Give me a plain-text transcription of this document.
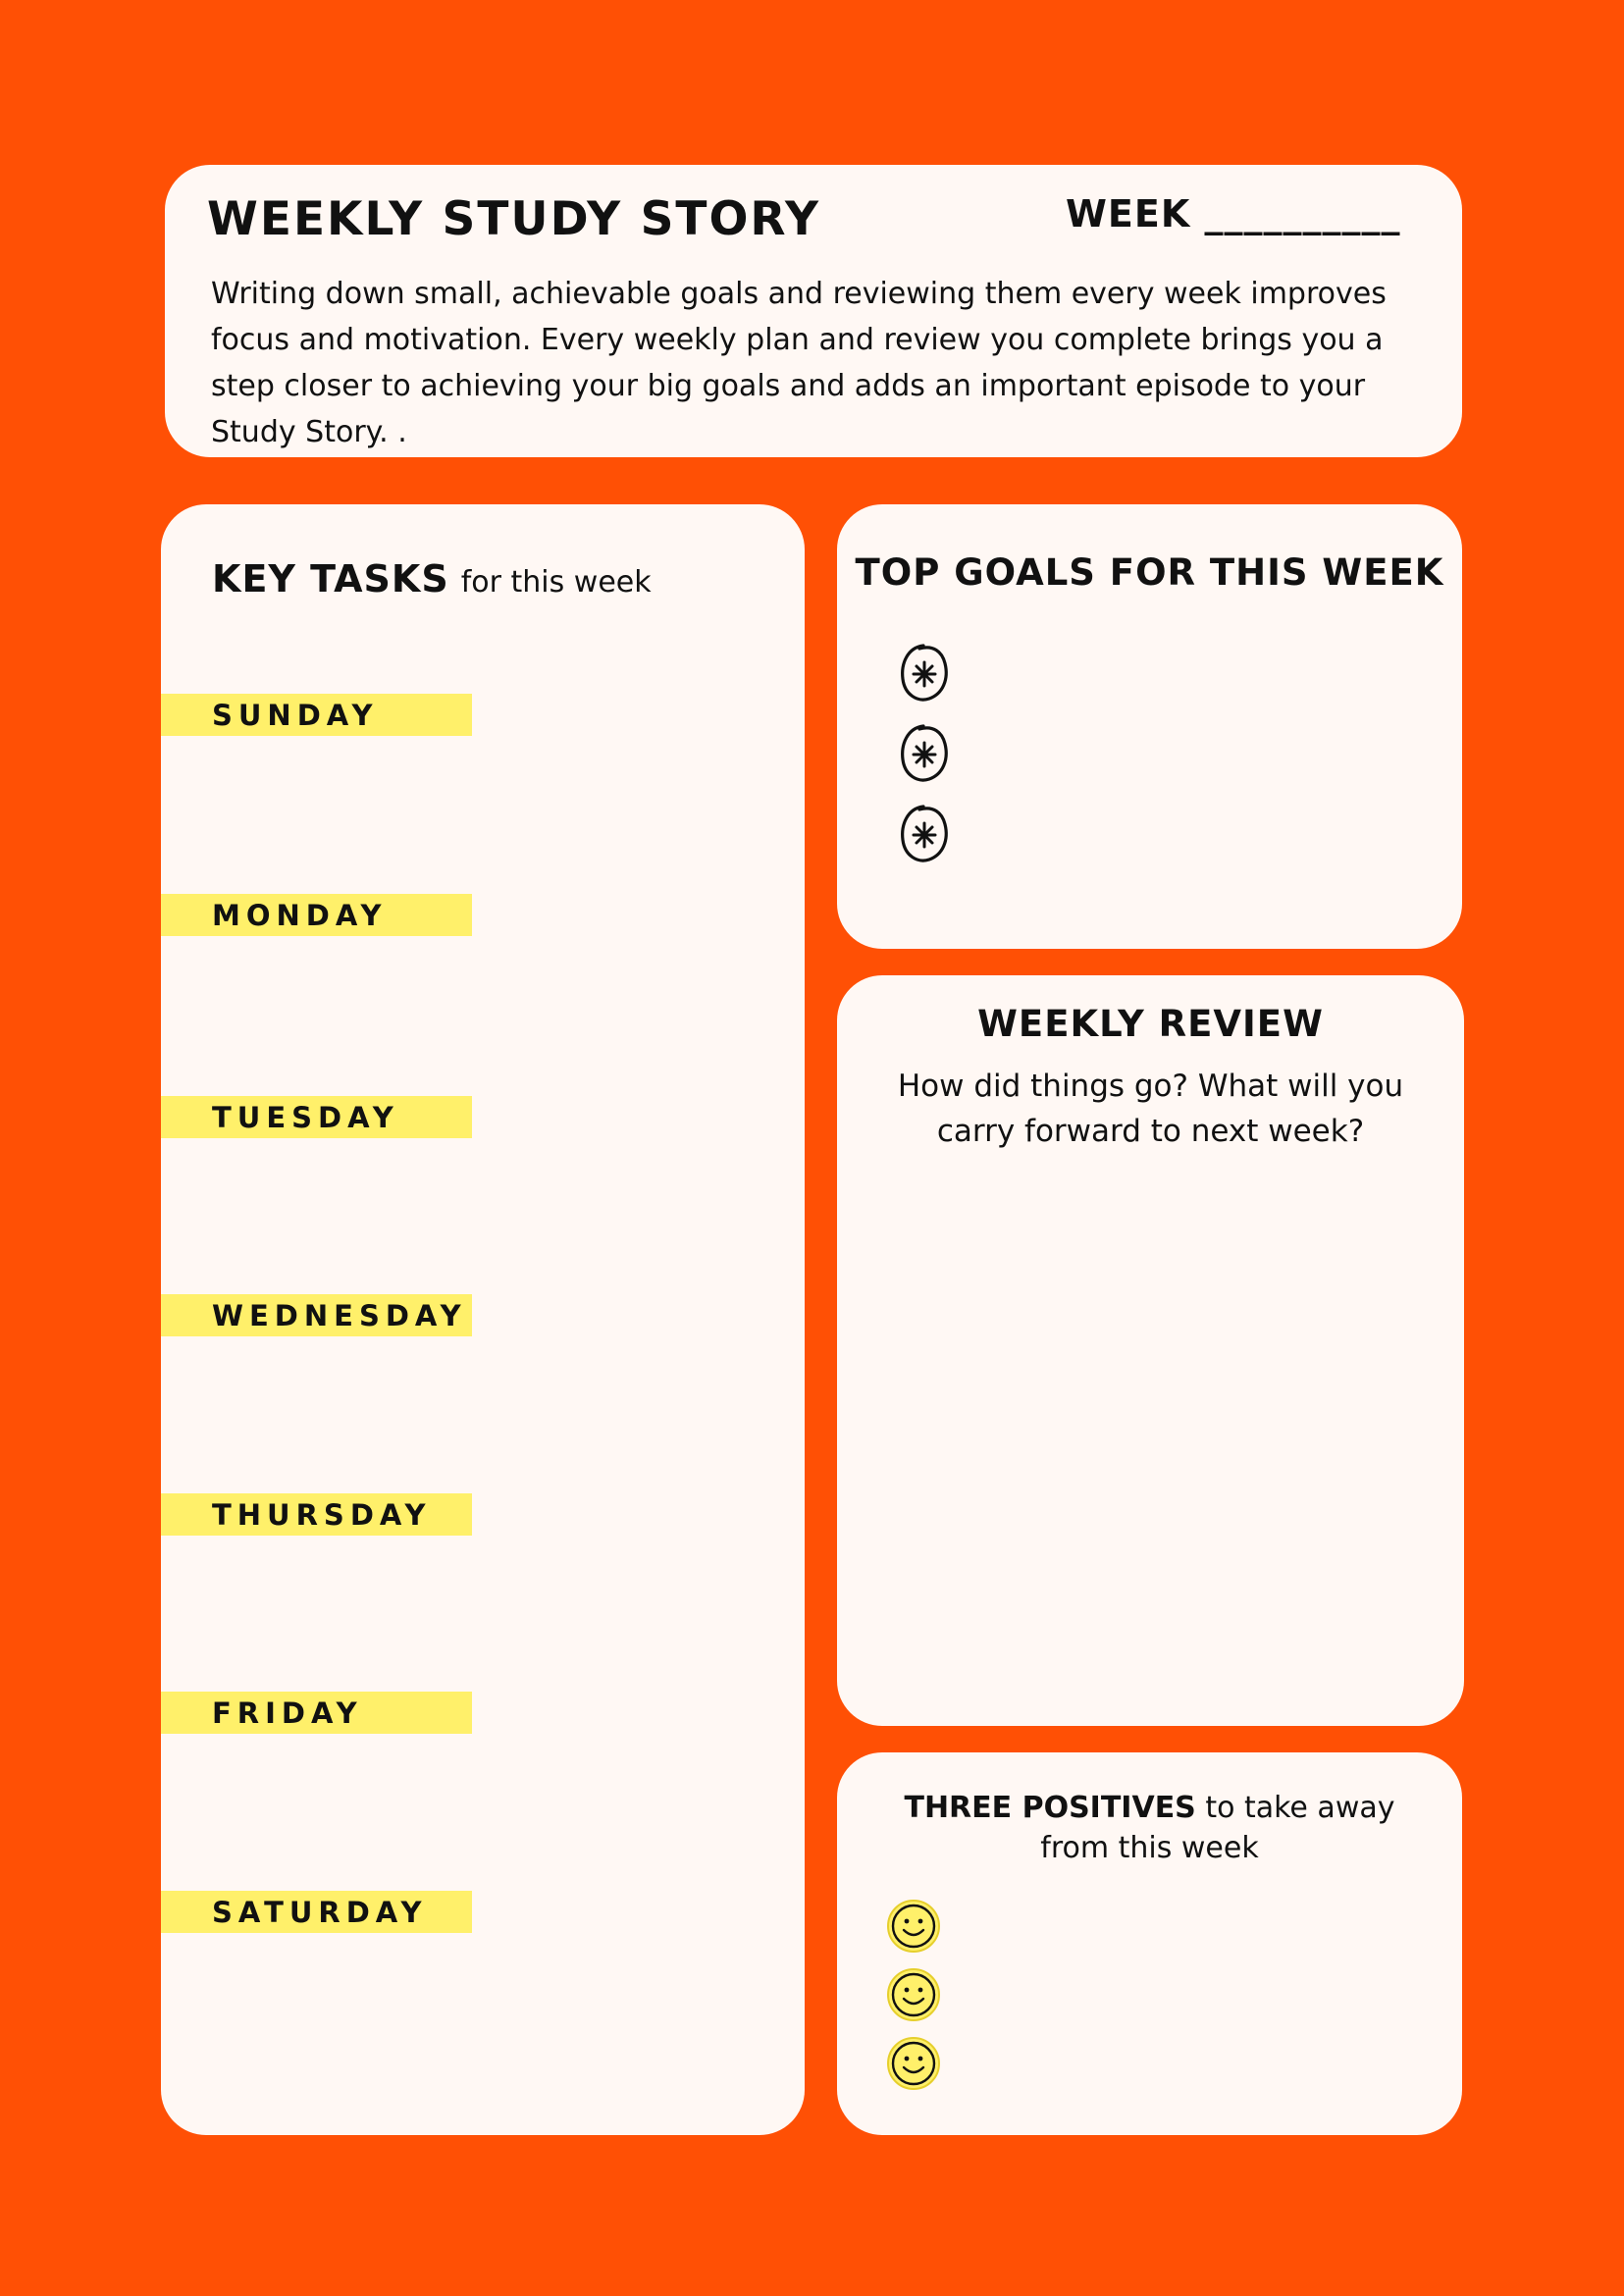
WEEKLY STUDY STORY	WEEK __________
Writing down small, achievable goals and reviewing them every week improves focus and motivation. Every weekly plan and review you complete brings you a step closer to achieving your big goals and adds an important episode to your Study Story. .
KEY TASKS for this week
SUNDAY
MONDAY
TUESDAY
WEDNESDAY
THURSDAY
FRIDAY
SATURDAY
TOP GOALS FOR THIS WEEK
WEEKLY REVIEW
How did things go? What will you carry forward to next week?
THREE POSITIVES to take away from this week
